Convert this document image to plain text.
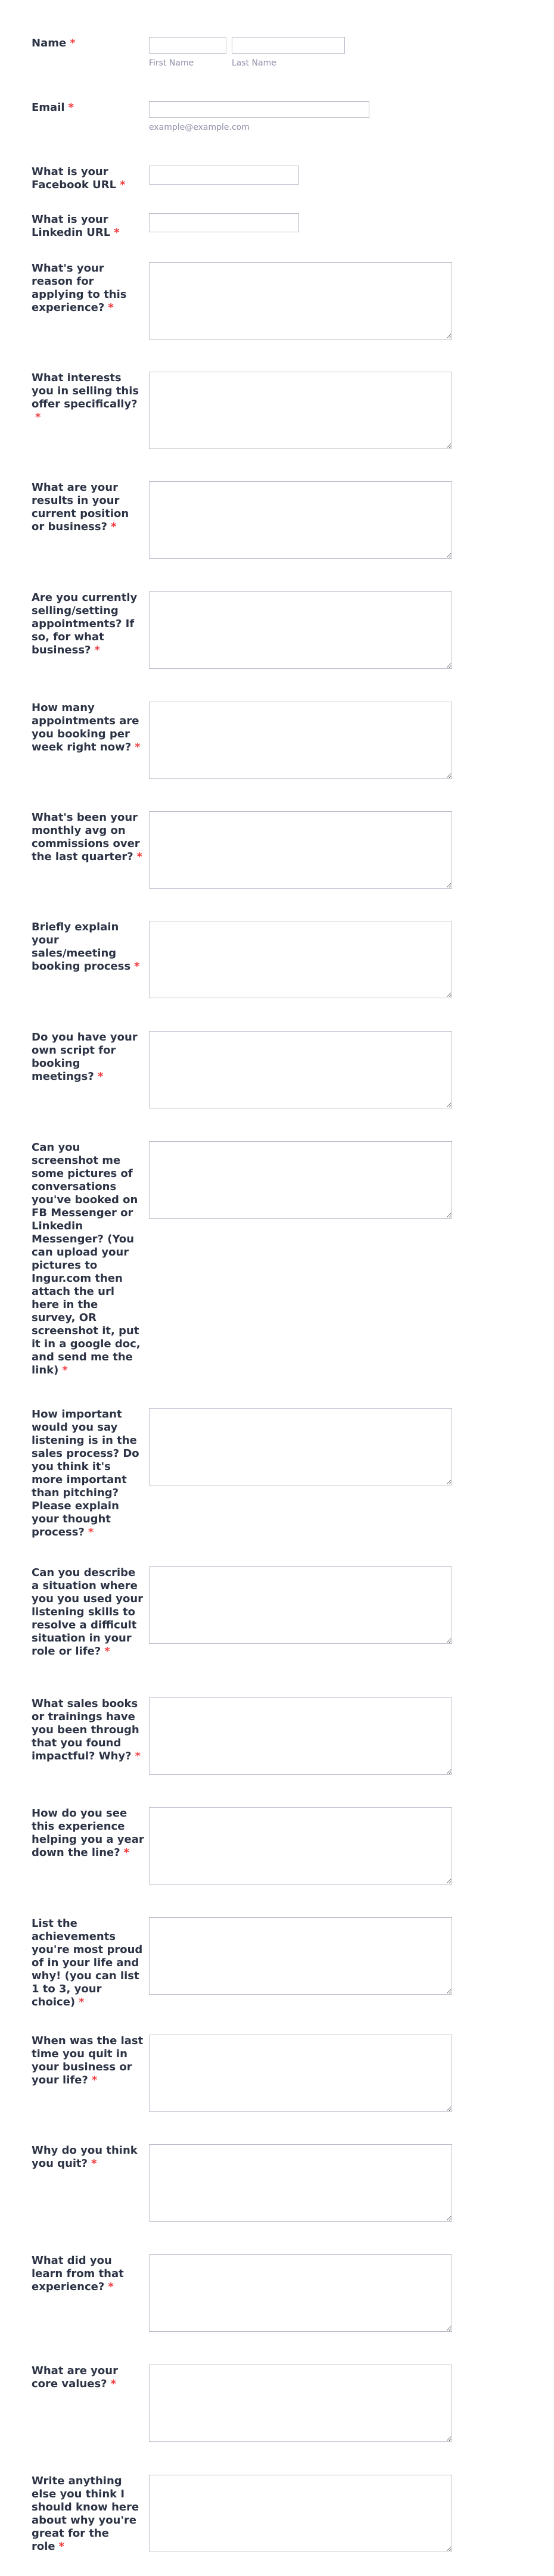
Name *
First Name	Last Name
Email *
example@example.com
What is your Facebook URL *
What is your Linkedin URL *
What's your reason for applying to this experience? *
What interests you in selling this offer specifically?*
What are your results in your current position or business? *
Are you currently selling/setting appointments? If so, for what business? *
How many appointments are you booking per week right now? *
What's been your monthly avg on commissions over the last quarter? *
Briefly explain your sales/meeting booking process *
Do you have your own script for booking meetings? *
Can you screenshot me some pictures of conversations you've booked on FB Messenger or Linkedin Messenger? (You can upload your pictures to Ingur.com then attach the url here in the survey, OR screenshot it, put it in a google doc, and send me the link) *
How important would you say listening is in the sales process? Do you think it's more important than pitching? Please explain your thought process? *
Can you describe a situation where you you used your listening skills to resolve a difficult situation in your role or life? *
What sales books or trainings have you been through that you found impactful? Why? *
How do you see this experience helping you a year down the line? *
List the achievements you're most proud of in your life and why! (you can list 1 to 3, your choice) *
When was the last time you quit in your business or your life? *
Why do you think you quit? *
What did you learn from that experience? *
What are your core values? *
Write anything else you think I should know here about why you're great for the role *
